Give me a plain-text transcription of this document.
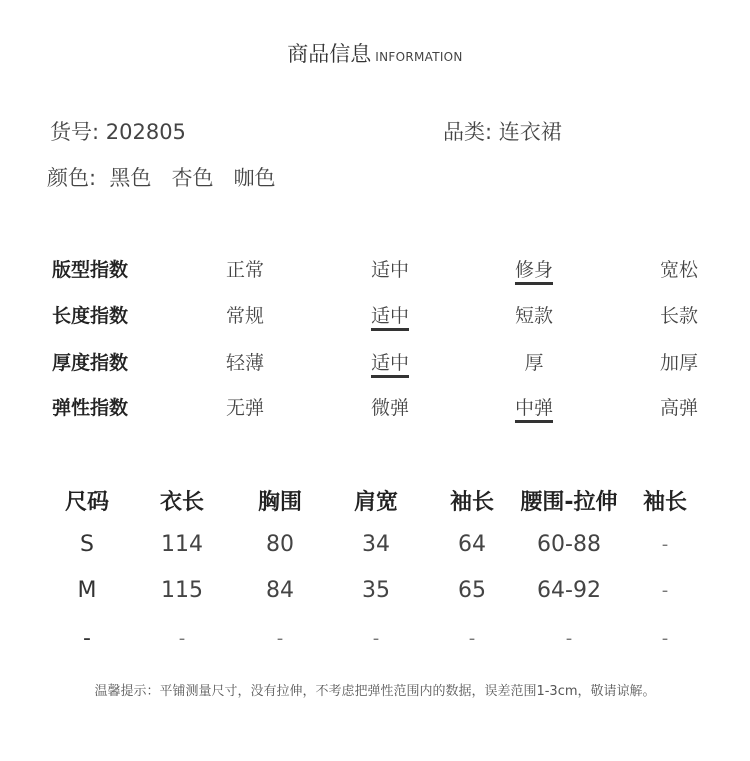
商品信息 INFORMATION
货号: 202805	品类: 连衣裙
颜色:  黑色   杏色   咖色
版型指数	正常	适中	修身	宽松
长度指数	常规	适中	短款	长款
厚度指数	轻薄	适中	厚	加厚
弹性指数	无弹	微弹	中弹	高弹
尺码	衣长	胸围	肩宽	袖长	腰围-拉伸	袖长
S	114	80	34	64	60-88	-
M	115	84	35	65	64-92	-
-	-	-	-	-	-	-
温馨提示：平铺测量尺寸，没有拉伸，不考虑把弹性范围内的数据，误差范围1-3cm，敬请谅解。
